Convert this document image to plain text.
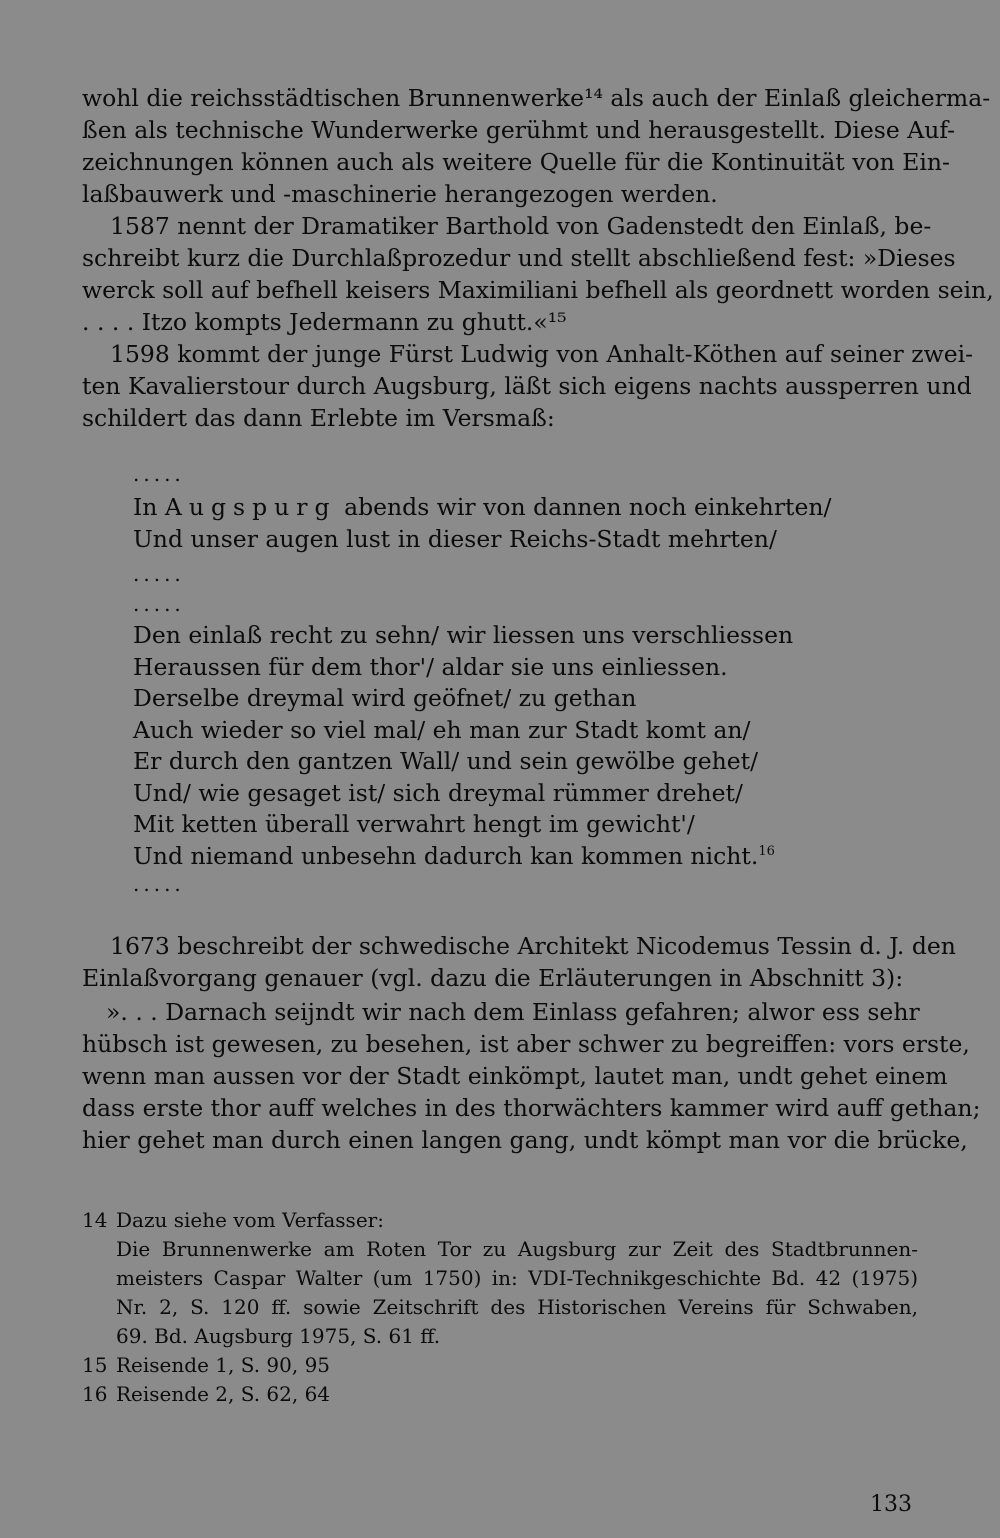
wohl die reichsstädtischen Brunnenwerke¹⁴ als auch der Einlaß gleicherma-
ßen als technische Wunderwerke gerühmt und herausgestellt. Diese Auf-
zeichnungen können auch als weitere Quelle für die Kontinuität von Ein-
laßbauwerk und -maschinerie herangezogen werden.

1587 nennt der Dramatiker Barthold von Gadenstedt den Einlaß, be-
schreibt kurz die Durchlaßprozedur und stellt abschließend fest: »Dieses
werck soll auf befhell keisers Maximiliani befhell als geordnett worden sein,
. . . . Itzo kompts Jedermann zu ghutt.«¹⁵

1598 kommt der junge Fürst Ludwig von Anhalt-Köthen auf seiner zwei-
ten Kavalierstour durch Augsburg, läßt sich eigens nachts aussperren und
schildert das dann Erlebte im Versmaß:

.....
In Augspurg abends wir von dannen noch einkehrten/
Und unser augen lust in dieser Reichs-Stadt mehrten/
.....
.....
Den einlaß recht zu sehn/ wir liessen uns verschliessen
Heraussen für dem thor'/ aldar sie uns einliessen.
Derselbe dreymal wird geöfnet/ zu gethan
Auch wieder so viel mal/ eh man zur Stadt komt an/
Er durch den gantzen Wall/ und sein gewölbe gehet/
Und/ wie gesaget ist/ sich dreymal rümmer drehet/
Mit ketten überall verwahrt hengt im gewicht'/
Und niemand unbesehn dadurch kan kommen nicht.$^{16}$
.....

1673 beschreibt der schwedische Architekt Nicodemus Tessin d. J. den
Einlaßvorgang genauer (vgl. dazu die Erläuterungen in Abschnitt 3):

». . . Darnach seijndt wir nach dem Einlass gefahren; alwor ess sehr
hübsch ist gewesen, zu besehen, ist aber schwer zu begreiffen: vors erste,
wenn man aussen vor der Stadt einkömpt, lautet man, undt gehet einem
dass erste thor auff welches in des thorwächters kammer wird auff gethan;
hier gehet man durch einen langen gang, undt kömpt man vor die brücke,

14 Dazu siehe vom Verfasser:
Die Brunnenwerke am Roten Tor zu Augsburg zur Zeit des Stadtbrunnen-
meisters Caspar Walter (um 1750) in: VDI-Technikgeschichte Bd. 42 (1975)
Nr. 2, S. 120 ff. sowie Zeitschrift des Historischen Vereins für Schwaben,
69. Bd. Augsburg 1975, S. 61 ff.
15 Reisende 1, S. 90, 95
16 Reisende 2, S. 62, 64
133
